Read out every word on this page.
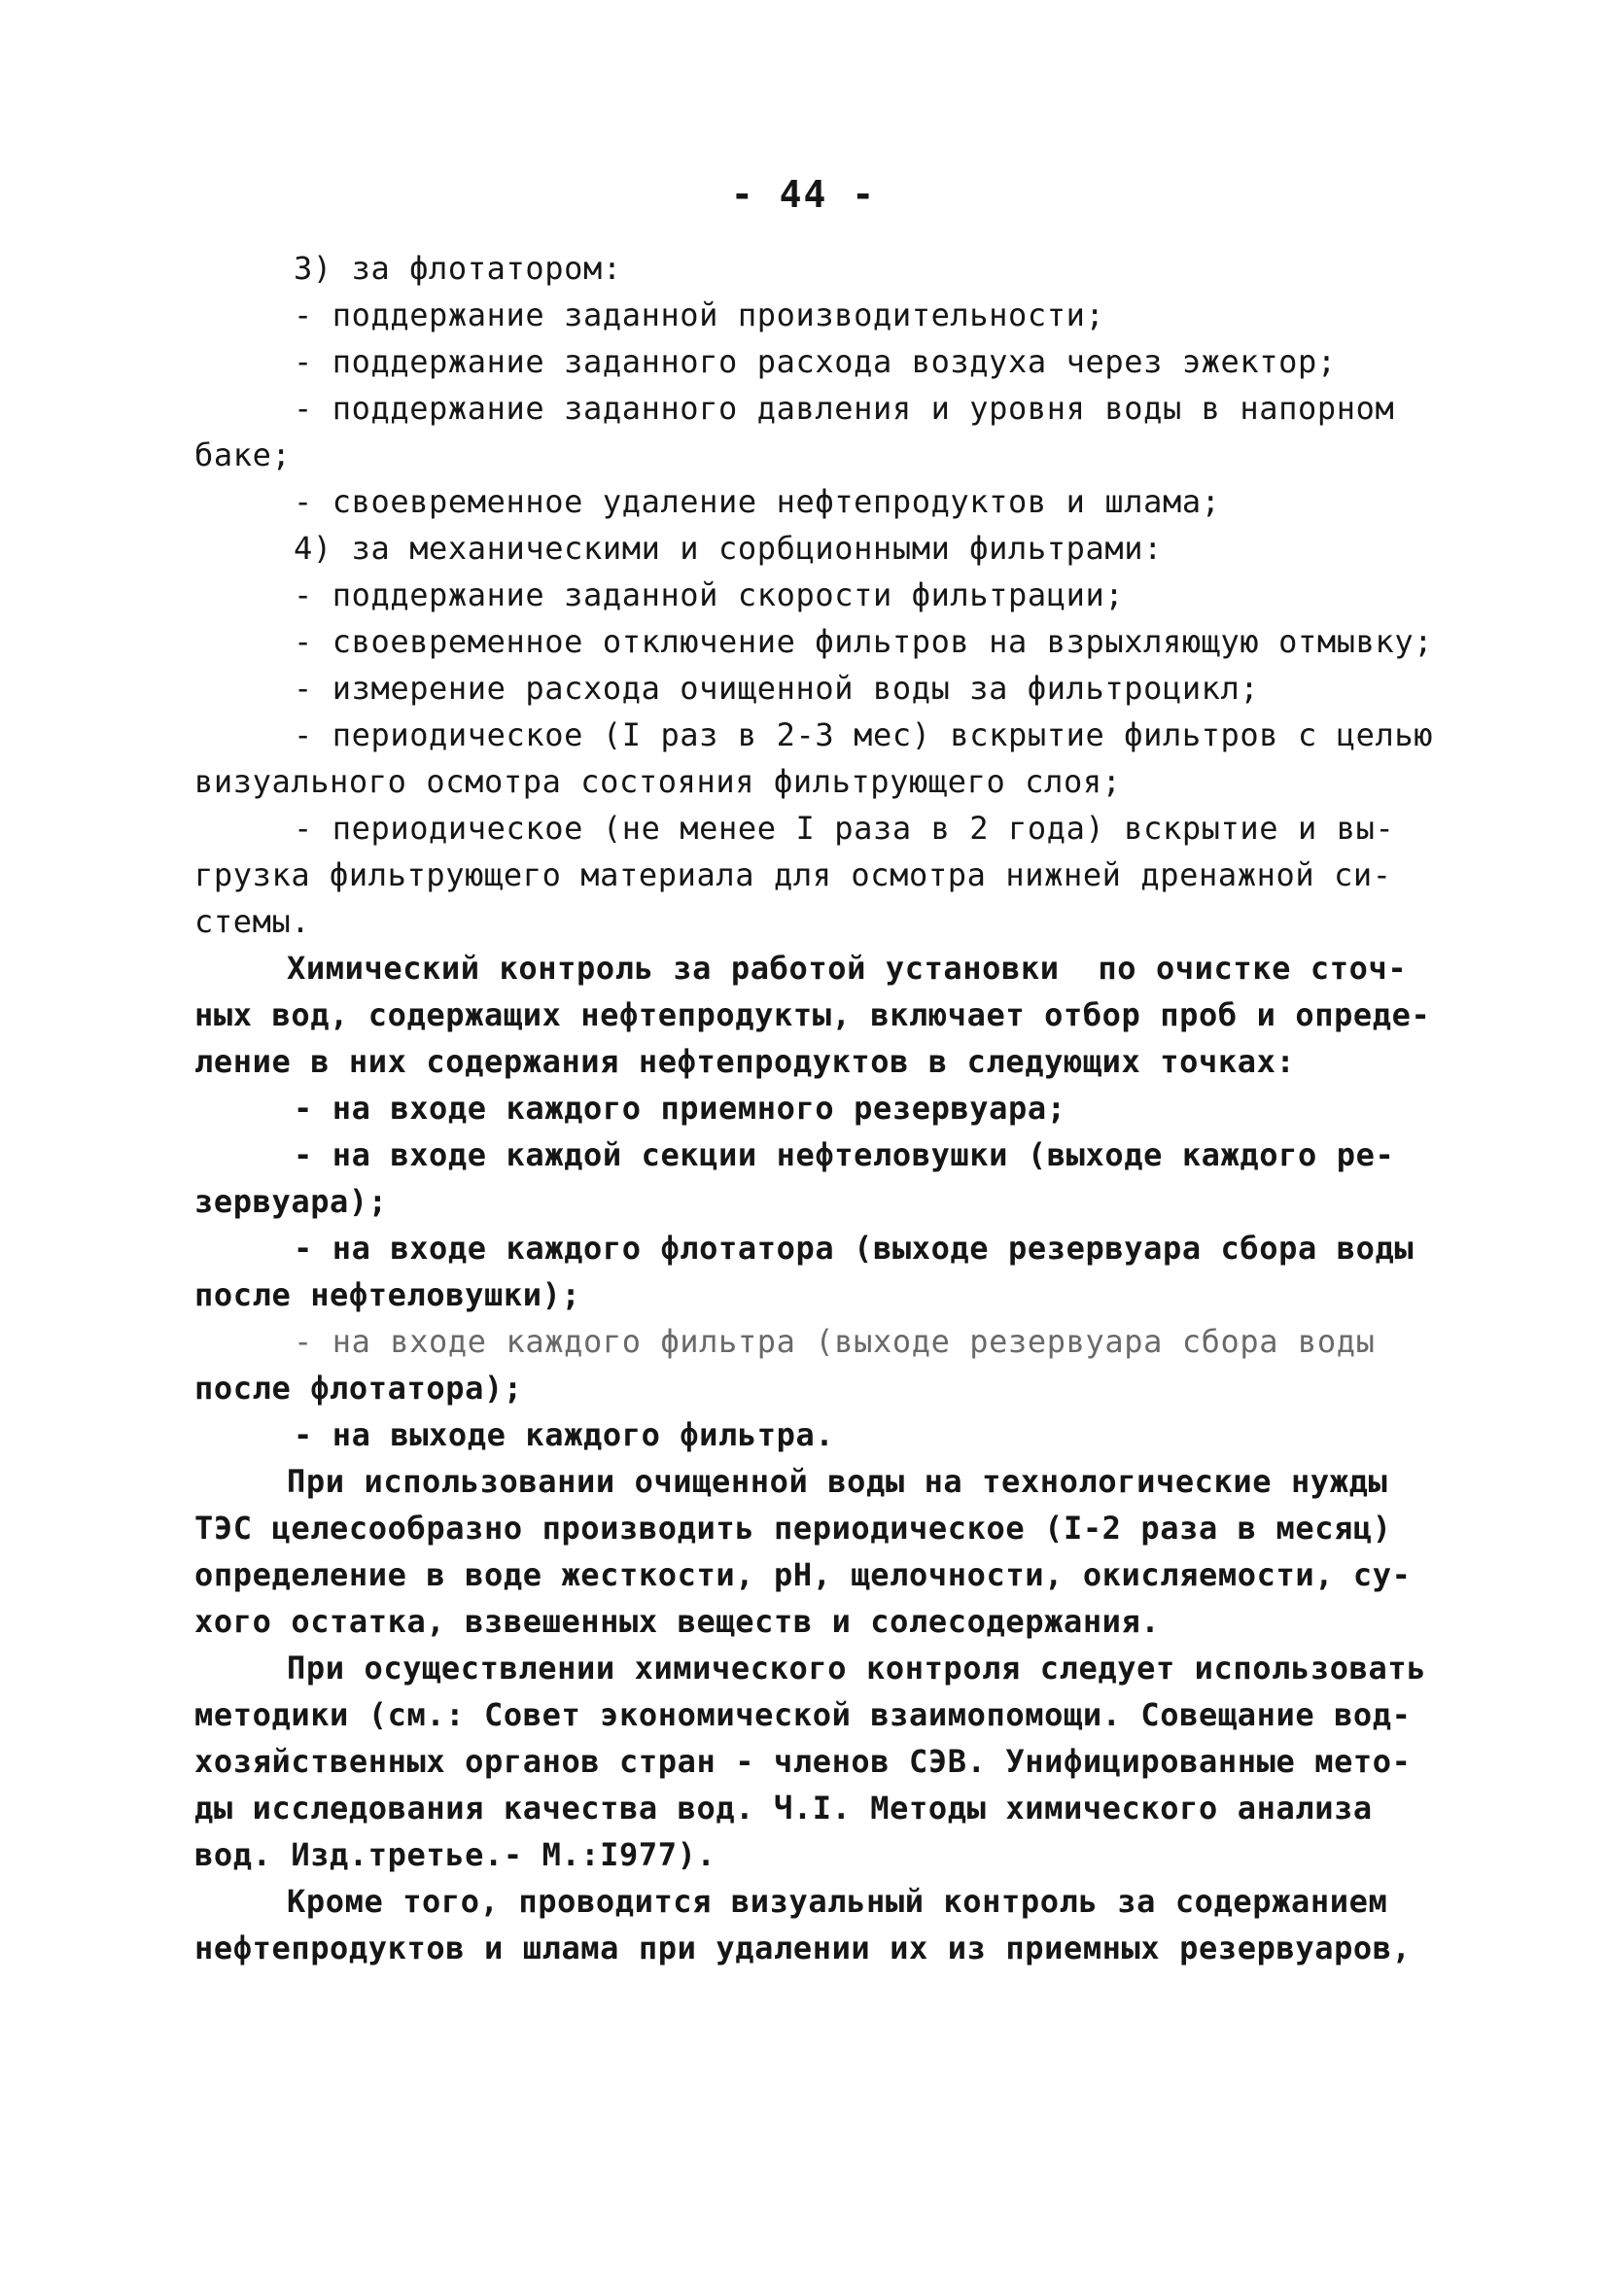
- 44 -
3) за флотатором:
- поддержание заданной производительности;
- поддержание заданного расхода воздуха через эжектор;
- поддержание заданного давления и уровня воды в напорном
баке;
- своевременное удаление нефтепродуктов и шлама;
4) за механическими и сорбционными фильтрами:
- поддержание заданной скорости фильтрации;
- своевременное отключение фильтров на взрыхляющую отмывку;
- измерение расхода очищенной воды за фильтроцикл;
- периодическое (I раз в 2-3 мес) вскрытие фильтров с целью
визуального осмотра состояния фильтрующего слоя;
- периодическое (не менее I раза в 2 года) вскрытие и вы-
грузка фильтрующего материала для осмотра нижней дренажной си-
стемы.
Химический контроль за работой установки  по очистке сточ-
ных вод, содержащих нефтепродукты, включает отбор проб и опреде-
ление в них содержания нефтепродуктов в следующих точках:
- на входе каждого приемного резервуара;
- на входе каждой секции нефтеловушки (выходе каждого ре-
зервуара);
- на входе каждого флотатора (выходе резервуара сбора воды
после нефтеловушки);
- на входе каждого фильтра (выходе резервуара сбора воды
после флотатора);
- на выходе каждого фильтра.
При использовании очищенной воды на технологические нужды
ТЭС целесообразно производить периодическое (I-2 раза в месяц)
определение в воде жесткости, pH, щелочности, окисляемости, су-
хого остатка, взвешенных веществ и солесодержания.
При осуществлении химического контроля следует использовать
методики (см.: Совет экономической взаимопомощи. Совещание вод-
хозяйственных органов стран - членов СЭВ. Унифицированные мето-
ды исследования качества вод. Ч.I. Методы химического анализа
вод. Изд.третье.- М.:I977).
Кроме того, проводится визуальный контроль за содержанием
нефтепродуктов и шлама при удалении их из приемных резервуаров,
